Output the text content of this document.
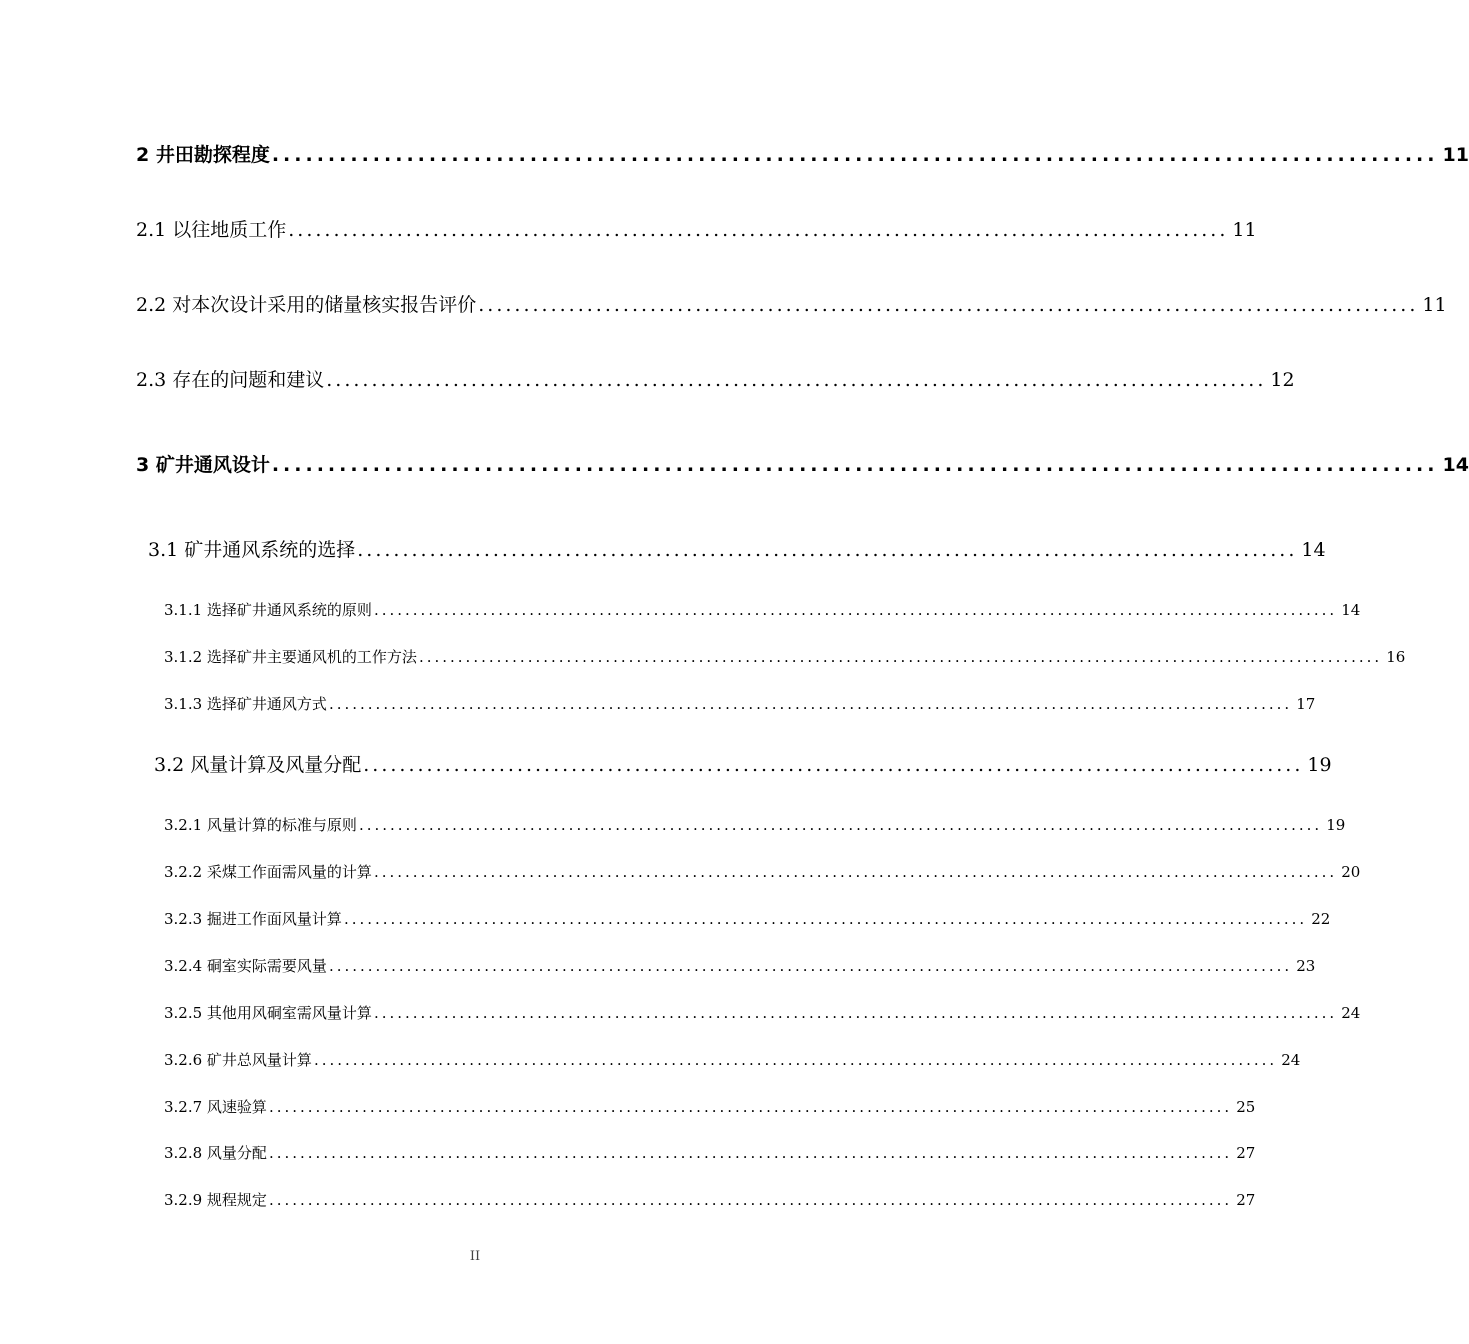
2 井田勘探程度 ........................................................................................................ 11
2.1 以往地质工作 ........................................................................................................ 11
2.2 对本次设计采用的储量核实报告评价 ........................................................................................................ 11
2.3 存在的问题和建议 ........................................................................................................ 12
3 矿井通风设计 ........................................................................................................ 14
3.1 矿井通风系统的选择 ........................................................................................................ 14
3.1.1 选择矿井通风系统的原则 ............................................................................................................................ 14
3.1.2 选择矿井主要通风机的工作方法 ............................................................................................................................ 16
3.1.3 选择矿井通风方式 ............................................................................................................................ 17
3.2 风量计算及风量分配 ........................................................................................................ 19
3.2.1 风量计算的标准与原则 ............................................................................................................................ 19
3.2.2 采煤工作面需风量的计算 ............................................................................................................................ 20
3.2.3 掘进工作面风量计算 ............................................................................................................................ 22
3.2.4 硐室实际需要风量 ............................................................................................................................ 23
3.2.5 其他用风硐室需风量计算 ............................................................................................................................ 24
3.2.6 矿井总风量计算 ............................................................................................................................ 24
3.2.7 风速验算 ............................................................................................................................ 25
3.2.8 风量分配 ............................................................................................................................ 27
3.2.9 规程规定 ............................................................................................................................ 27
II
